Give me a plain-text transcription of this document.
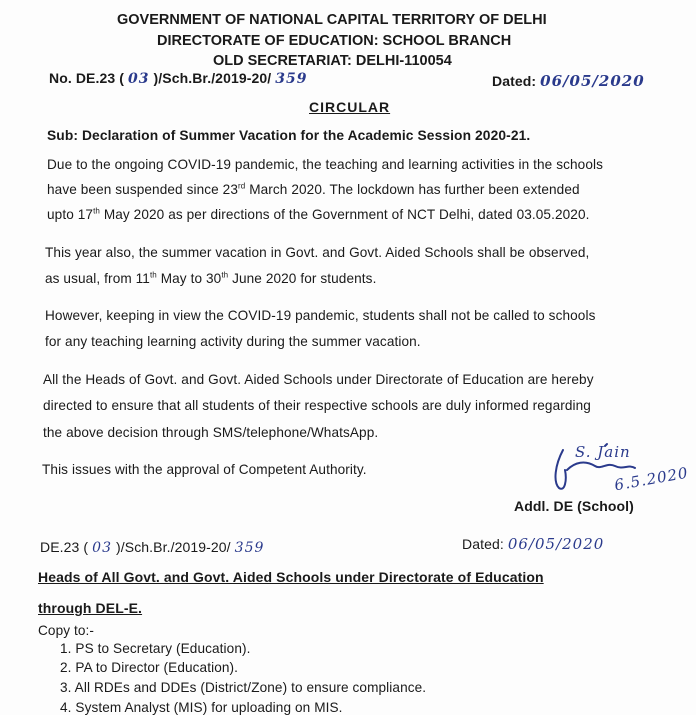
GOVERNMENT OF NATIONAL CAPITAL TERRITORY OF DELHI
DIRECTORATE OF EDUCATION: SCHOOL BRANCH
OLD SECRETARIAT: DELHI-110054
No. DE.23 ( 03 )/Sch.Br./2019-20/ 359	Dated: 06/05/2020
CIRCULAR
Sub: Declaration of Summer Vacation for the Academic Session 2020-21.
Due to the ongoing COVID-19 pandemic, the teaching and learning activities in the schools
have been suspended since 23rd March 2020. The lockdown has further been extended
upto 17th May 2020 as per directions of the Government of NCT Delhi, dated 03.05.2020.
This year also, the summer vacation in Govt. and Govt. Aided Schools shall be observed,
as usual, from 11th May to 30th June 2020 for students.
However, keeping in view the COVID-19 pandemic, students shall not be called to schools
for any teaching learning activity during the summer vacation.
All the Heads of Govt. and Govt. Aided Schools under Directorate of Education are hereby
directed to ensure that all students of their respective schools are duly informed regarding
the above decision through SMS/telephone/WhatsApp.
This issues with the approval of Competent Authority.
S. Jain
6.5.2020
Addl. DE (School)
DE.23 ( 03 )/Sch.Br./2019-20/ 359	Dated: 06/05/2020
Heads of All Govt. and Govt. Aided Schools under Directorate of Education
through DEL-E.
Copy to:-
1. PS to Secretary (Education).
2. PA to Director (Education).
3. All RDEs and DDEs (District/Zone) to ensure compliance.
4. System Analyst (MIS) for uploading on MIS.
